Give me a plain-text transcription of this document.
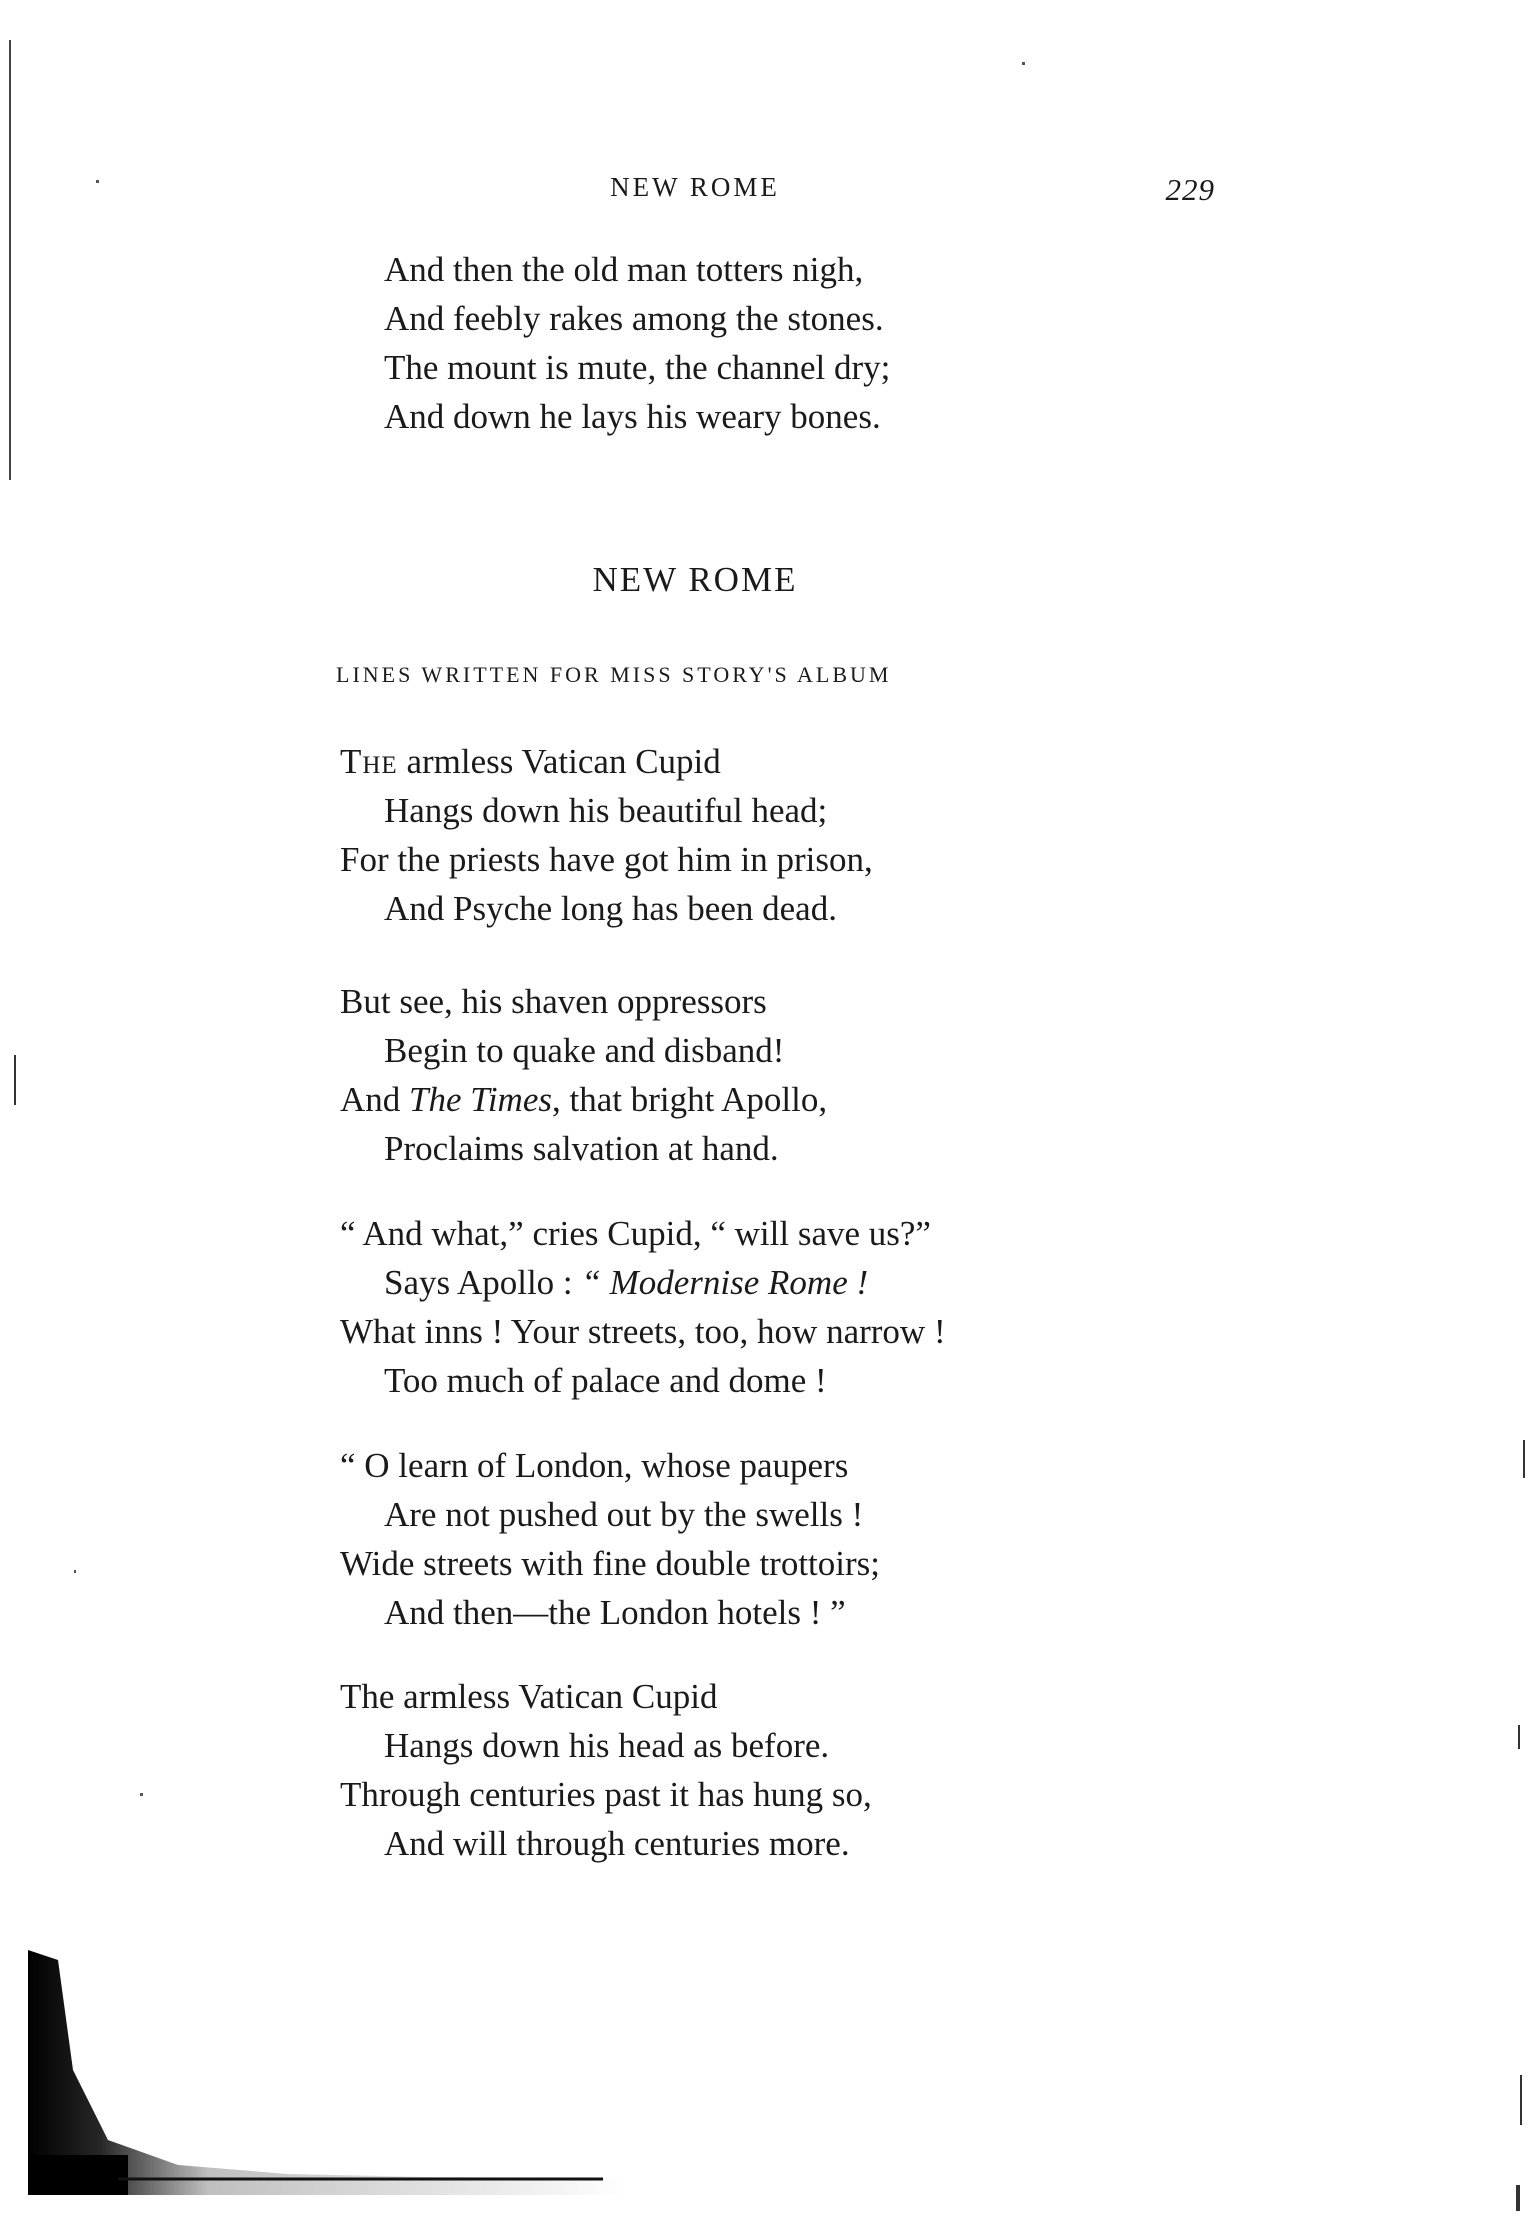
NEW ROME	229
And then the old man totters nigh,
And feebly rakes among the stones.
The mount is mute, the channel dry;
And down he lays his weary bones.
NEW ROME
LINES WRITTEN FOR MISS STORY'S ALBUM
The armless Vatican Cupid
Hangs down his beautiful head;
For the priests have got him in prison,
And Psyche long has been dead.
But see, his shaven oppressors
Begin to quake and disband!
And The Times, that bright Apollo,
Proclaims salvation at hand.
“ And what,” cries Cupid, “ will save us?”
Says Apollo : “ Modernise Rome !
What inns ! Your streets, too, how narrow !
Too much of palace and dome !
“ O learn of London, whose paupers
Are not pushed out by the swells !
Wide streets with fine double trottoirs;
And then—the London hotels ! ”
The armless Vatican Cupid
Hangs down his head as before.
Through centuries past it has hung so,
And will through centuries more.
